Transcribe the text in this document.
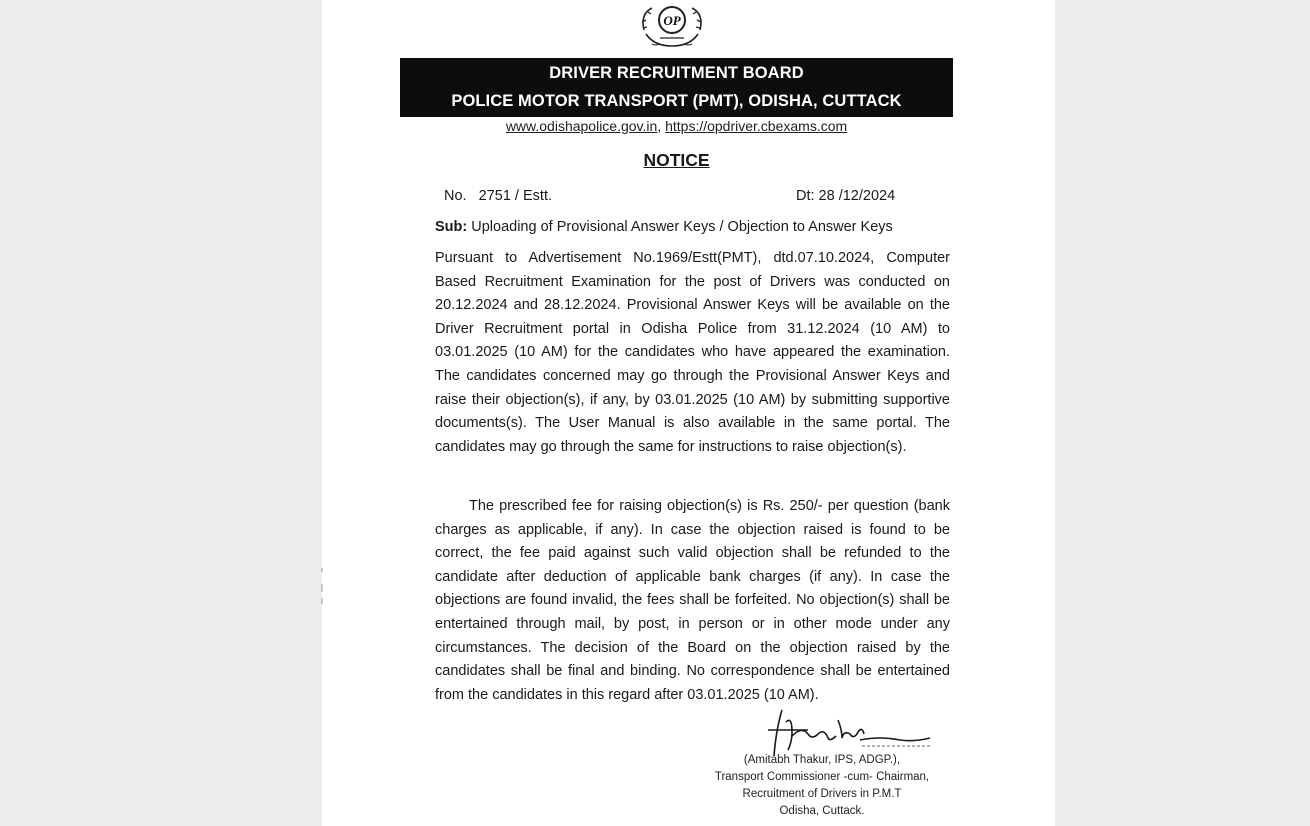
OP
DRIVER RECRUITMENT BOARD
POLICE MOTOR TRANSPORT (PMT), ODISHA, CUTTACK
www.odishapolice.gov.in, https://opdriver.cbexams.com
NOTICE
No.   2751 / Estt.	Dt: 28 /12/2024
Sub: Uploading of Provisional Answer Keys / Objection to Answer Keys
Pursuant to Advertisement No.1969/Estt(PMT), dtd.07.10.2024, Computer Based Recruitment Examination for the post of Drivers was conducted on 20.12.2024 and 28.12.2024. Provisional Answer Keys will be available on the Driver Recruitment portal in Odisha Police from 31.12.2024 (10 AM) to 03.01.2025 (10 AM) for the candidates who have appeared the examination. The candidates concerned may go through the Provisional Answer Keys and raise their objection(s), if any, by 03.01.2025 (10 AM) by submitting supportive documents(s). The User Manual is also available in the same portal. The candidates may go through the same for instructions to raise objection(s).
The prescribed fee for raising objection(s) is Rs. 250/- per question (bank charges as applicable, if any). In case the objection raised is found to be correct, the fee paid against such valid objection shall be refunded to the candidate after deduction of applicable bank charges (if any). In case the objections are found invalid, the fees shall be forfeited. No objection(s) shall be entertained through mail, by post, in person or in other mode under any circumstances. The decision of the Board on the objection raised by the candidates shall be final and binding. No correspondence shall be entertained from the candidates in this regard after 03.01.2025 (10 AM).
(Amitabh Thakur, IPS, ADGP.),
Transport Commissioner -cum- Chairman,
Recruitment of Drivers in P.M.T
Odisha, Cuttack.
